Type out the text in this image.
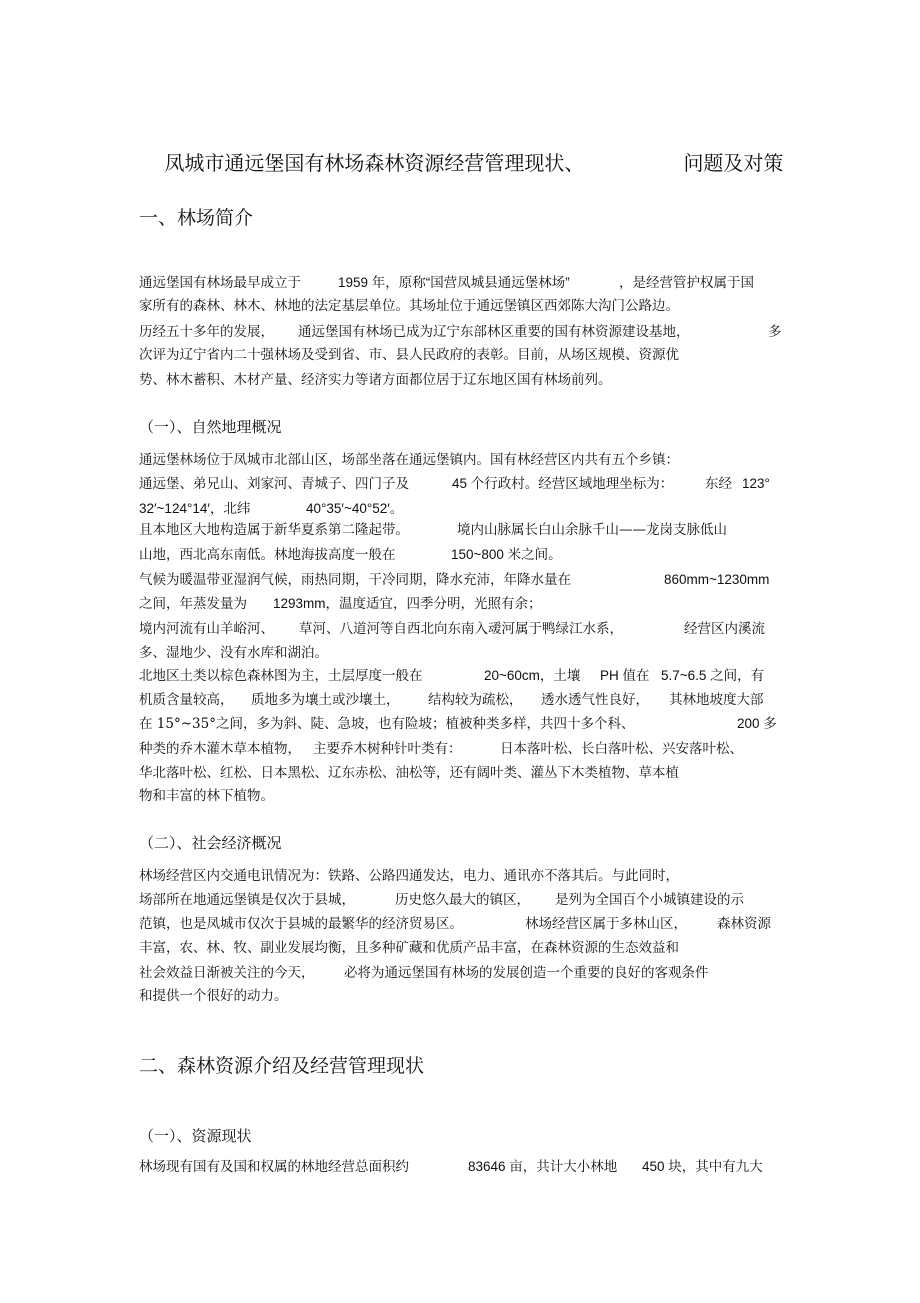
凤城市通远堡国有林场森林资源经营管理现状、
	问题及对策

一、林场简介
通远堡国有林场最早成立于	1959 年，原称“国营凤城县通远堡林场”	，是经营管护权属于国
家所有的森林、林木、林地的法定基层单位。其场址位于通远堡镇区西郊陈大沟门公路边。
历经五十多年的发展， 通远堡国有林场已成为辽宁东部林区重要的国有林资源建设基地，	多
次评为辽宁省内二十强林场及受到省、市、县人民政府的表彰。目前，从场区规模、资源优
势、林木蓄积、木材产量、经济实力等诸方面都位居于辽东地区国有林场前列。
（一）、自然地理概况
通远堡林场位于凤城市北部山区，场部坐落在通远堡镇内。国有林经营区内共有五个乡镇：
通远堡、弟兄山、刘家河、青城子、四门子及	45 个行政村。经营区域地理坐标为： 东经 123°
32′~124°14′，北纬	40°35′~40°52′。
且本地区大地构造属于新华夏系第二隆起带。	境内山脉属长白山余脉千山——龙岗支脉低山
山地，西北高东南低。林地海拔高度一般在	150~800 米之间。
气候为暖温带亚湿润气候，雨热同期，干冷同期，降水充沛，年降水量在	860mm~1230mm
之间，年蒸发量为 1293mm，温度适宜，四季分明，光照有余；
境内河流有山羊峪河、 草河、八道河等自西北向东南入叆河属于鸭绿江水系，	经营区内溪流
多、湿地少、没有水库和湖泊。
北地区土类以棕色森林图为主，土层厚度一般在	20~60cm，土壤 PH 值在 5.7~6.5 之间，有
机质含量较高， 质地多为壤土或沙壤土， 结构较为疏松， 透水透气性良好， 其林地坡度大部
在 15°~35°之间，多为斜、陡、急坡，也有险坡；植被种类多样，共四十多个科、	200 多
种类的乔木灌木草本植物， 主要乔木树种针叶类有：	日本落叶松、长白落叶松、兴安落叶松、
华北落叶松、红松、日本黑松、辽东赤松、油松等，还有阔叶类、灌丛下木类植物、草本植
物和丰富的林下植物。
（二）、社会经济概况
林场经营区内交通电讯情况为：铁路、公路四通发达，电力、通讯亦不落其后。与此同时，
场部所在地通远堡镇是仅次于县城，	历史悠久最大的镇区， 是列为全国百个小城镇建设的示
范镇，也是凤城市仅次于县城的最繁华的经济贸易区。	林场经营区属于多林山区， 森林资源
丰富，农、林、牧、副业发展均衡，且多种矿藏和优质产品丰富，在森林资源的生态效益和
社会效益日渐被关注的今天， 必将为通远堡国有林场的发展创造一个重要的良好的客观条件
和提供一个很好的动力。
二、森林资源介绍及经营管理现状
（一）、资源现状
林场现有国有及国和权属的林地经营总面积约	83646 亩，共计大小林地 450 块，其中有九大
